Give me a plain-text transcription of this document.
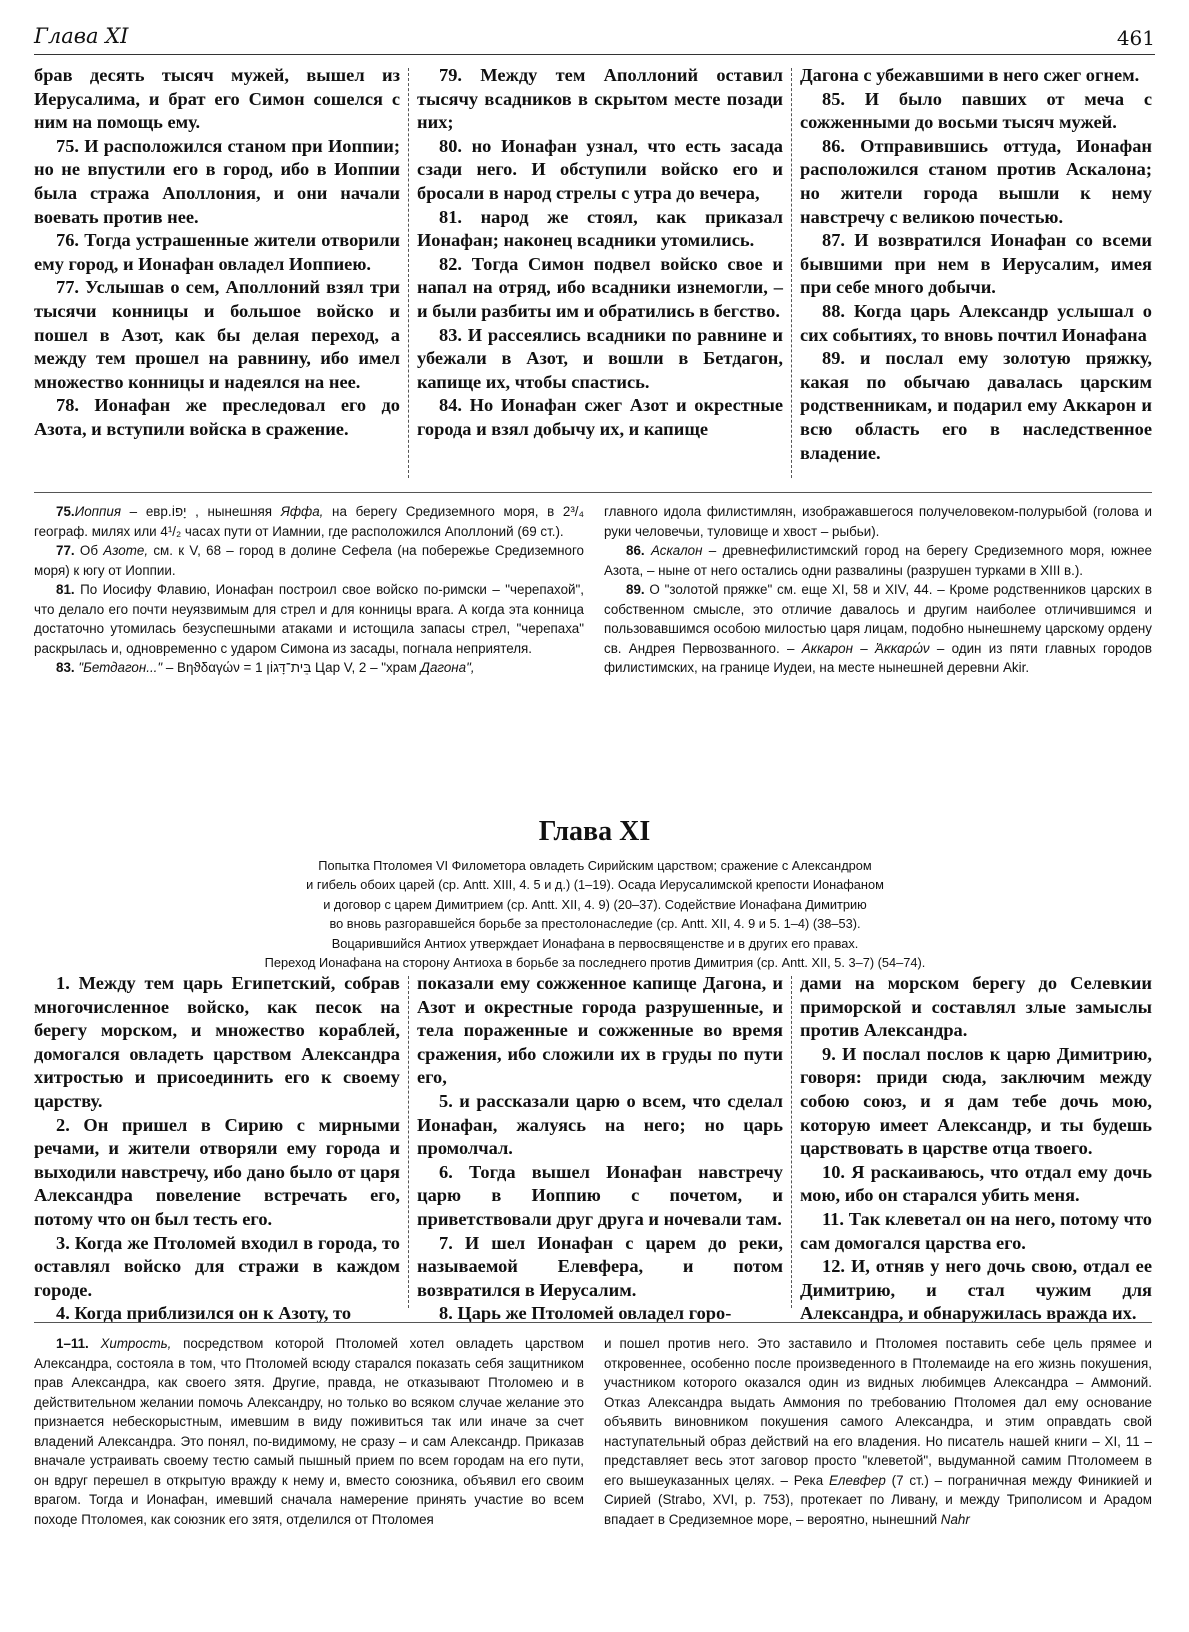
Глава XI	461

брав десять тысяч мужей, вышел из Иерусалима, и брат его Симон сошелся с ним на помощь ему.

75. И расположился станом при Иоппии; но не впустили его в город, ибо в Иоппии была стража Аполлония, и они начали воевать против нее.

76. Тогда устрашенные жители отворили ему город, и Ионафан овладел Иоппиею.

77. Услышав о сем, Аполлоний взял три тысячи конницы и большое войско и пошел в Азот, как бы делая переход, а между тем прошел на равнину, ибо имел множество конницы и надеялся на нее.

78. Ионафан же преследовал его до Азота, и вступили войска в сражение.

79. Между тем Аполлоний оставил тысячу всадников в скрытом месте позади них;

80. но Ионафан узнал, что есть засада сзади него. И обступили войско его и бросали в народ стрелы с утра до вечера,

81. народ же стоял, как приказал Ионафан; наконец всадники утомились.

82. Тогда Симон подвел войско свое и напал на отряд, ибо всадники изнемогли, – и были разбиты им и обратились в бегство.

83. И рассеялись всадники по равнине и убежали в Азот, и вошли в Бетдагон, капище их, чтобы спастись.

84. Но Ионафан сжег Азот и окрестные города и взял добычу их, и капище

Дагона с убежавшими в него сжег огнем.

85. И было павших от меча с сожженными до восьми тысяч мужей.

86. Отправившись оттуда, Ионафан расположился станом против Аскалона; но жители города вышли к нему навстречу с великою почестью.

87. И возвратился Ионафан со всеми бывшими при нем в Иерусалим, имея при себе много добычи.

88. Когда царь Александр услышал о сих событиях, то вновь почтил Ионафана

89. и послал ему золотую пряжку, какая по обычаю давалась царским родственникам, и подарил ему Аккарон и всю область его в наследственное владение.

75.Иоппия – евр.יָפוֹ , нынешняя Яффа, на берегу Средиземного моря, в 2³/₄ географ. милях или 4¹/₂ часах пути от Иамнии, где расположился Аполлоний (69 ст.).

77. Об Азоте, см. к V, 68 – город в долине Сефела (на побережье Средиземного моря) к югу от Иоппии.

81. По Иосифу Флавию, Ионафан построил свое войско по-римски – "черепахой", что делало его почти неуязвимым для стрел и для конницы врага. А когда эта конница достаточно утомилась безуспешными атаками и истощила запасы стрел, "черепаха" раскрылась и, одновременно с ударом Симона из засады, погнала неприятеля.

83. "Бетдагон..." – Βηϑδαγών = בֵּית־דָּגוֹן 1 Цар V, 2 – "храм Дагона",

главного идола филистимлян, изображавшегося получеловеком-полурыбой (голова и руки человечьи, туловище и хвост – рыбьи).

86. Аскалон – древнефилистимский город на берегу Средиземного моря, южнее Азота, – ныне от него остались одни развалины (разрушен турками в XIII в.).

89. О "золотой пряжке" см. еще XI, 58 и XIV, 44. – Кроме родственников царских в собственном смысле, это отличие давалось и другим наиболее отличившимся и пользовавшимся особою милостью царя лицам, подобно нынешнему царскому ордену св. Андрея Первозванного. – Аккарон – Ἀκκαρών – один из пяти главных городов филистимских, на границе Иудеи, на месте нынешней деревни Akir.

Глава XI
Попытка Птоломея VI Филометора овладеть Сирийским царством; сражение с Александром
и гибель обоих царей (ср. Antt. XIII, 4. 5 и д.) (1–19). Осада Иерусалимской крепости Ионафаном
и договор с царем Димитрием (ср. Antt. XII, 4. 9) (20–37). Содействие Ионафана Димитрию
во вновь разгоравшейся борьбе за престолонаследие (ср. Antt. XII, 4. 9 и 5. 1–4) (38–53).
Воцарившийся Антиох утверждает Ионафана в первосвященстве и в других его правах.
Переход Ионафана на сторону Антиоха в борьбе за последнего против Димитрия (ср. Antt. XII, 5. 3–7) (54–74).

1. Между тем царь Египетский, собрав многочисленное войско, как песок на берегу морском, и множество кораблей, домогался овладеть царством Александра хитростью и присоединить его к своему царству.

2. Он пришел в Сирию с мирными речами, и жители отворяли ему города и выходили навстречу, ибо дано было от царя Александра повеление встречать его, потому что он был тесть его.

3. Когда же Птоломей входил в города, то оставлял войско для стражи в каждом городе.

4. Когда приблизился он к Азоту, то

показали ему сожженное капище Дагона, и Азот и окрестные города разрушенные, и тела пораженные и сожженные во время сражения, ибо сложили их в груды по пути его,

5. и рассказали царю о всем, что сделал Ионафан, жалуясь на него; но царь промолчал.

6. Тогда вышел Ионафан навстречу царю в Иоппию с почетом, и приветствовали друг друга и ночевали там.

7. И шел Ионафан с царем до реки, называемой Елевфера, и потом возвратился в Иерусалим.

8. Царь же Птоломей овладел горо-

дами на морском берегу до Селевкии приморской и составлял злые замыслы против Александра.

9. И послал послов к царю Димитрию, говоря: приди сюда, заключим между собою союз, и я дам тебе дочь мою, которую имеет Александр, и ты будешь царствовать в царстве отца твоего.

10. Я раскаиваюсь, что отдал ему дочь мою, ибо он старался убить меня.

11. Так клеветал он на него, потому что сам домогался царства его.

12. И, отняв у него дочь свою, отдал ее Димитрию, и стал чужим для Александра, и обнаружилась вражда их.

1–11. Хитрость, посредством которой Птоломей хотел овладеть царством Александра, состояла в том, что Птоломей всюду старался показать себя защитником прав Александра, как своего зятя. Другие, правда, не отказывают Птоломею и в действительном желании помочь Александру, но только во всяком случае желание это признается небескорыстным, имевшим в виду поживиться так или иначе за счет владений Александра. Это понял, по-видимому, не сразу – и сам Александр. Приказав вначале устраивать своему тестю самый пышный прием по всем городам на его пути, он вдруг перешел в открытую вражду к нему и, вместо союзника, объявил его своим врагом. Тогда и Ионафан, имевший сначала намерение принять участие во всем походе Птоломея, как союзник его зятя, отделился от Птоломея

и пошел против него. Это заставило и Птоломея поставить себе цель прямее и откровеннее, особенно после произведенного в Птолемаиде на его жизнь покушения, участником которого оказался один из видных любимцев Александра – Аммоний. Отказ Александра выдать Аммония по требованию Птоломея дал ему основание объявить виновником покушения самого Александра, и этим оправдать свой наступательный образ действий на его владения. Но писатель нашей книги – XI, 11 – представляет весь этот заговор просто "клеветой", выдуманной самим Птоломеем в его вышеуказанных целях. – Река Елевфер (7 ст.) – пограничная между Финикией и Сирией (Strabo, XVI, p. 753), протекает по Ливану, и между Триполисом и Арадом впадает в Средиземное море, – вероятно, нынешний Nahr
